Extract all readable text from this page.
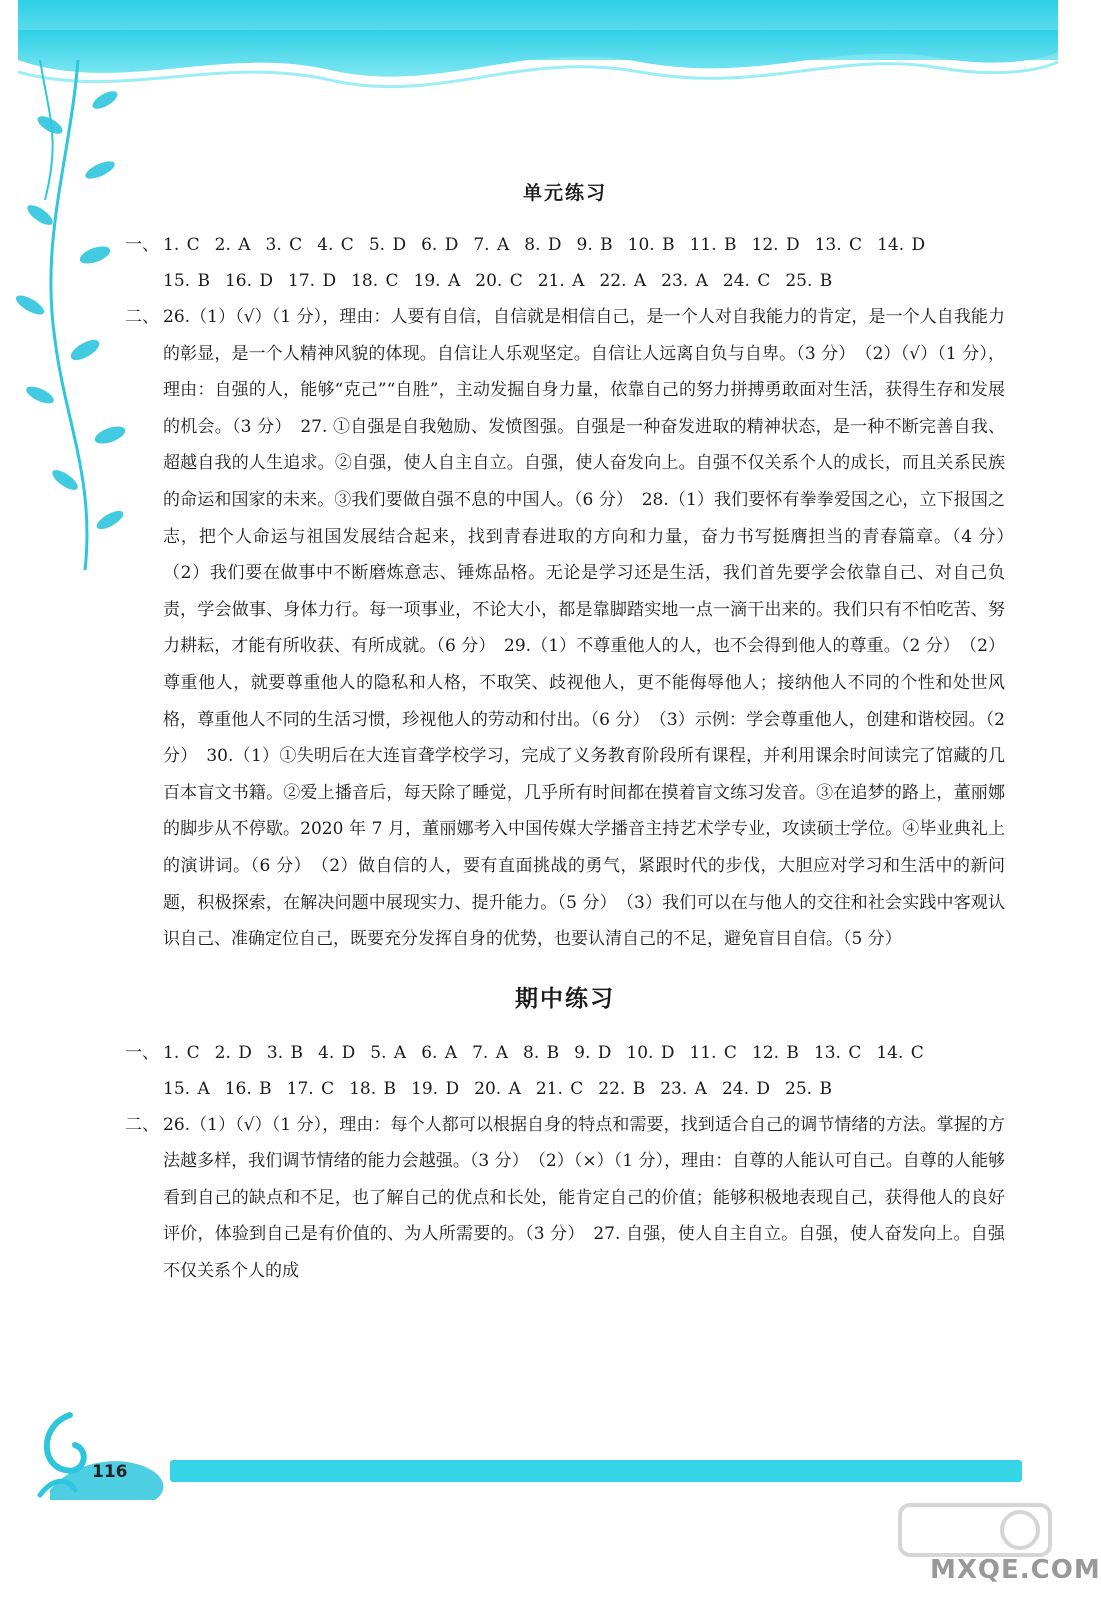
单元练习
一、 1. C 2. A 3. C 4. C 5. D 6. D 7. A 8. D 9. B 10. B 11. B 12. D 13. C 14. D
15. B 16. D 17. D 18. C 19. A 20. C 21. A 22. A 23. A 24. C 25. B
二、 26.（1）（√）（1 分），理由：人要有自信，自信就是相信自己，是一个人对自我能力的肯定，是一个人自我能力的彰显，是一个人精神风貌的体现。自信让人乐观坚定。自信让人远离自负与自卑。（3 分）　（2）（√）（1 分），理由：自强的人，能够“克己”“自胜”，主动发掘自身力量，依靠自己的努力拼搏勇敢面对生活，获得生存和发展的机会。（3 分）　27. ①自强是自我勉励、发愤图强。自强是一种奋发进取的精神状态，是一种不断完善自我、超越自我的人生追求。②自强，使人自主自立。自强，使人奋发向上。自强不仅关系个人的成长，而且关系民族的命运和国家的未来。③我们要做自强不息的中国人。（6 分）　28.（1）我们要怀有拳拳爱国之心，立下报国之志，把个人命运与祖国发展结合起来，找到青春进取的方向和力量，奋力书写挺膺担当的青春篇章。（4 分）　（2）我们要在做事中不断磨炼意志、锤炼品格。无论是学习还是生活，我们首先要学会依靠自己、对自己负责，学会做事、身体力行。每一项事业，不论大小，都是靠脚踏实地一点一滴干出来的。我们只有不怕吃苦、努力耕耘，才能有所收获、有所成就。（6 分）　29.（1）不尊重他人的人，也不会得到他人的尊重。（2 分）　（2）尊重他人，就要尊重他人的隐私和人格，不取笑、歧视他人，更不能侮辱他人；接纳他人不同的个性和处世风格，尊重他人不同的生活习惯，珍视他人的劳动和付出。（6 分）　（3）示例：学会尊重他人，创建和谐校园。（2 分）　30.（1）①失明后在大连盲聋学校学习，完成了义务教育阶段所有课程，并利用课余时间读完了馆藏的几百本盲文书籍。②爱上播音后，每天除了睡觉，几乎所有时间都在摸着盲文练习发音。③在追梦的路上，董丽娜的脚步从不停歇。2020 年 7 月，董丽娜考入中国传媒大学播音主持艺术学专业，攻读硕士学位。④毕业典礼上的演讲词。（6 分）　（2）做自信的人，要有直面挑战的勇气，紧跟时代的步伐，大胆应对学习和生活中的新问题，积极探索，在解决问题中展现实力、提升能力。（5 分）　（3）我们可以在与他人的交往和社会实践中客观认识自己、准确定位自己，既要充分发挥自身的优势，也要认清自己的不足，避免盲目自信。（5 分）
期中练习
一、 1. C 2. D 3. B 4. D 5. A 6. A 7. A 8. B 9. D 10. D 11. C 12. B 13. C 14. C
15. A 16. B 17. C 18. B 19. D 20. A 21. C 22. B 23. A 24. D 25. B
二、 26.（1）（√）（1 分），理由：每个人都可以根据自身的特点和需要，找到适合自己的调节情绪的方法。掌握的方法越多样，我们调节情绪的能力会越强。（3 分）　（2）（×）（1 分），理由：自尊的人能认可自己。自尊的人能够看到自己的缺点和不足，也了解自己的优点和长处，能肯定自己的价值；能够积极地表现自己，获得他人的良好评价，体验到自己是有价值的、为人所需要的。（3 分）　27. 自强，使人自主自立。自强，使人奋发向上。自强不仅关系个人的成
116
MXQE.COM
